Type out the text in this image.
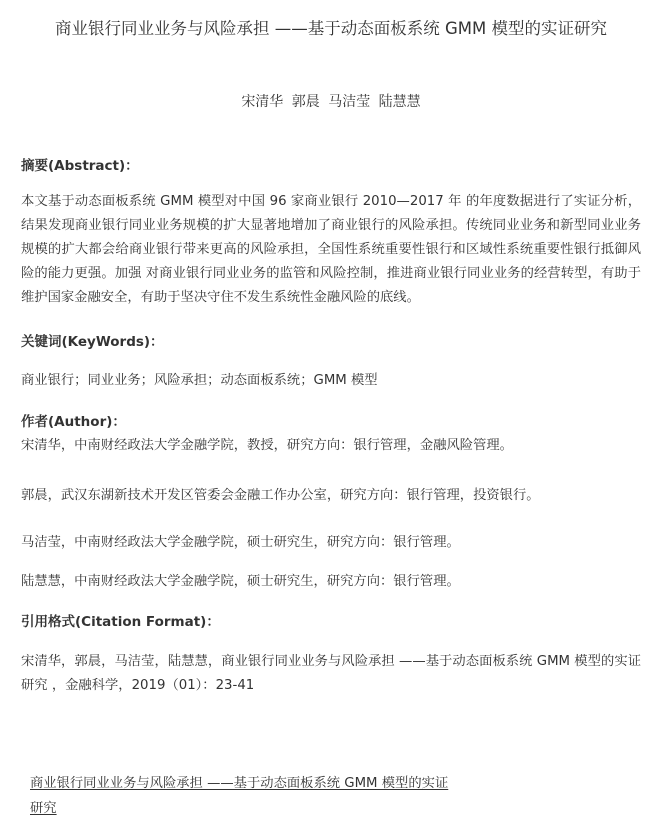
商业银行同业业务与风险承担 ——基于动态面板系统 GMM 模型的实证研究
宋清华 郭晨 马洁莹 陆慧慧
摘要(Abstract)：
本文基于动态面板系统 GMM 模型对中国 96 家商业银行 2010—2017 年 的年度数据进行了实证分析，结果发现商业银行同业业务规模的扩大显著地增加了商业银行的风险承担。传统同业业务和新型同业业务规模的扩大都会给商业银行带来更高的风险承担，全国性系统重要性银行和区域性系统重要性银行抵御风险的能力更强。加强 对商业银行同业业务的监管和风险控制，推进商业银行同业业务的经营转型，有助于维护国家金融安全，有助于坚决守住不发生系统性金融风险的底线。
关键词(KeyWords)：
商业银行；同业业务；风险承担；动态面板系统；GMM 模型
作者(Author)：
宋清华，中南财经政法大学金融学院，教授，研究方向：银行管理，金融风险管理。
郭晨，武汉东湖新技术开发区管委会金融工作办公室，研究方向：银行管理，投资银行。
马洁莹，中南财经政法大学金融学院，硕士研究生，研究方向：银行管理。
陆慧慧，中南财经政法大学金融学院，硕士研究生，研究方向：银行管理。
引用格式(Citation Format)：
宋清华，郭晨，马洁莹，陆慧慧，商业银行同业业务与风险承担 ——基于动态面板系统 GMM 模型的实证研究 ，金融科学，2019（01）：23-41
商业银行同业业务与风险承担 ——基于动态面板系统 GMM 模型的实证研究
